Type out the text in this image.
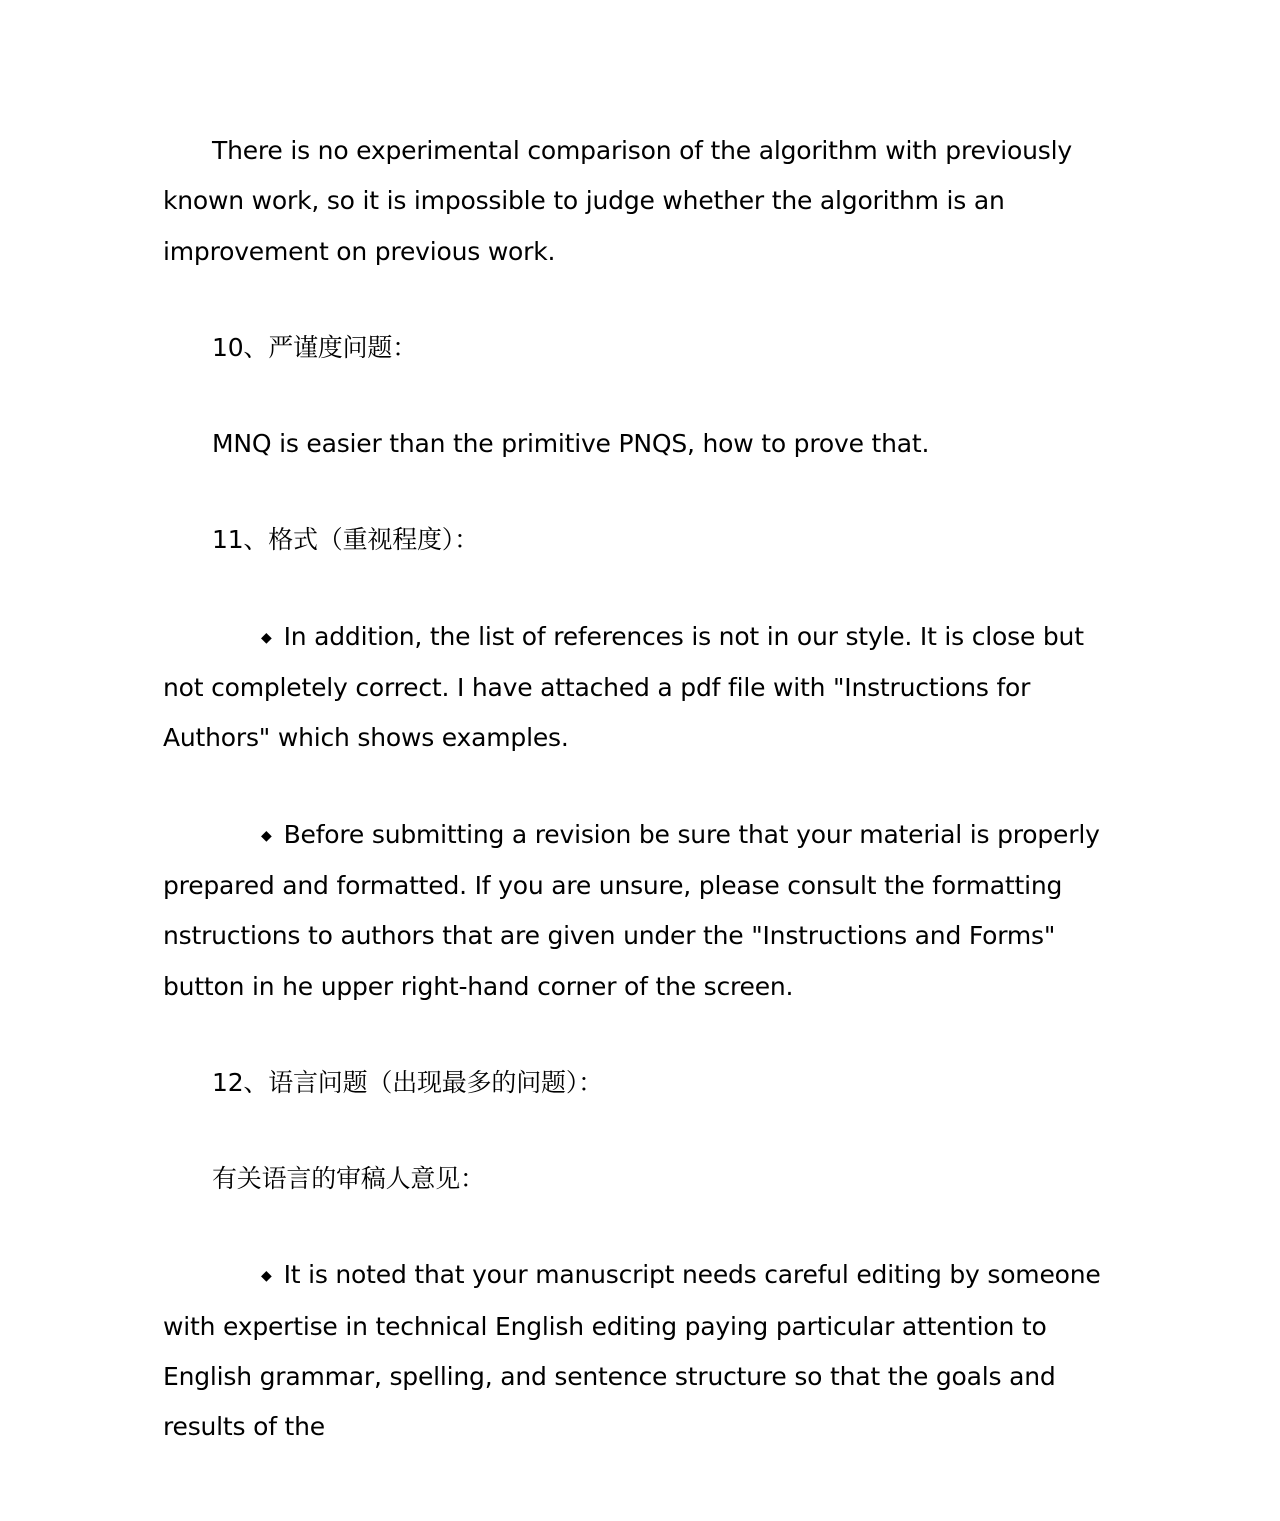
There is no experimental comparison of the algorithm with previously known work, so it is impossible to judge whether the algorithm is an improvement on previous work.

10、严谨度问题：

MNQ is easier than the primitive PNQS, how to prove that.

11、格式（重视程度）：

◆ In addition, the list of references is not in our style. It is close but not completely correct. I have attached a pdf file with "Instructions for Authors" which shows examples.

◆ Before submitting a revision be sure that your material is properly prepared and formatted. If you are unsure, please consult the formatting nstructions to authors that are given under the "Instructions and Forms" button in he upper right-hand corner of the screen.

12、语言问题（出现最多的问题）：

有关语言的审稿人意见：

◆ It is noted that your manuscript needs careful editing by someone with expertise in technical English editing paying particular attention to English grammar, spelling, and sentence structure so that the goals and results of the
